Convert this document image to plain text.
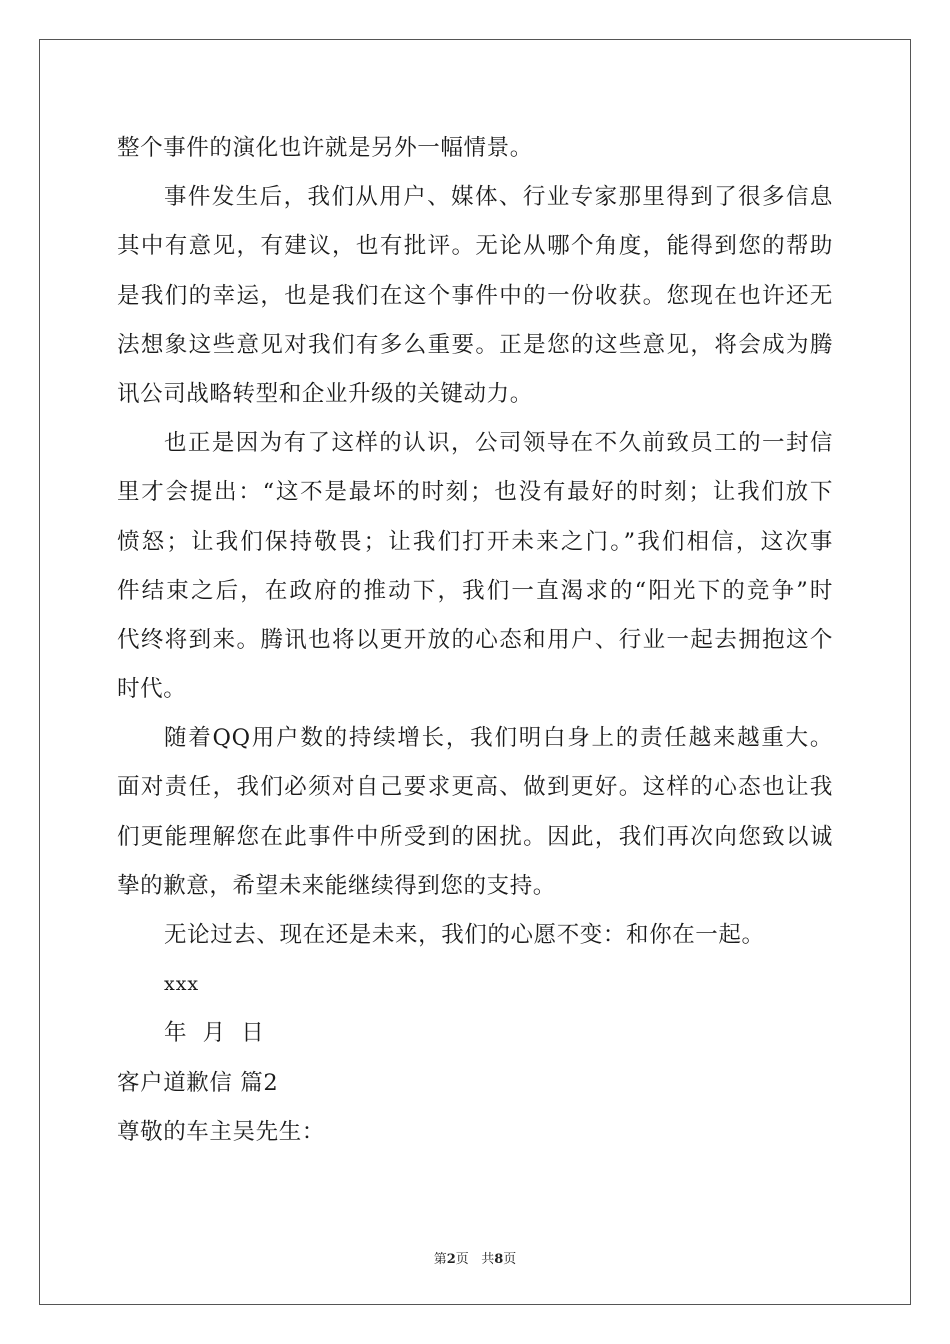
整个事件的演化也许就是另外一幅情景。
事件发生后，我们从用户、媒体、行业专家那里得到了很多信息
其中有意见，有建议，也有批评。无论从哪个角度，能得到您的帮助
是我们的幸运，也是我们在这个事件中的一份收获。您现在也许还无
法想象这些意见对我们有多么重要。正是您的这些意见，将会成为腾
讯公司战略转型和企业升级的关键动力。
也正是因为有了这样的认识，公司领导在不久前致员工的一封信
里才会提出：“这不是最坏的时刻；也没有最好的时刻；让我们放下
愤怒；让我们保持敬畏；让我们打开未来之门。”我们相信，这次事
件结束之后，在政府的推动下，我们一直渴求的“阳光下的竞争”时
代终将到来。腾讯也将以更开放的心态和用户、行业一起去拥抱这个
时代。
随着QQ用户数的持续增长，我们明白身上的责任越来越重大。
面对责任，我们必须对自己要求更高、做到更好。这样的心态也让我
们更能理解您在此事件中所受到的困扰。因此，我们再次向您致以诚
挚的歉意，希望未来能继续得到您的支持。
无论过去、现在还是未来，我们的心愿不变：和你在一起。
xxx
年  月  日
客户道歉信 篇2
尊敬的车主吴先生：
第2页   共8页
